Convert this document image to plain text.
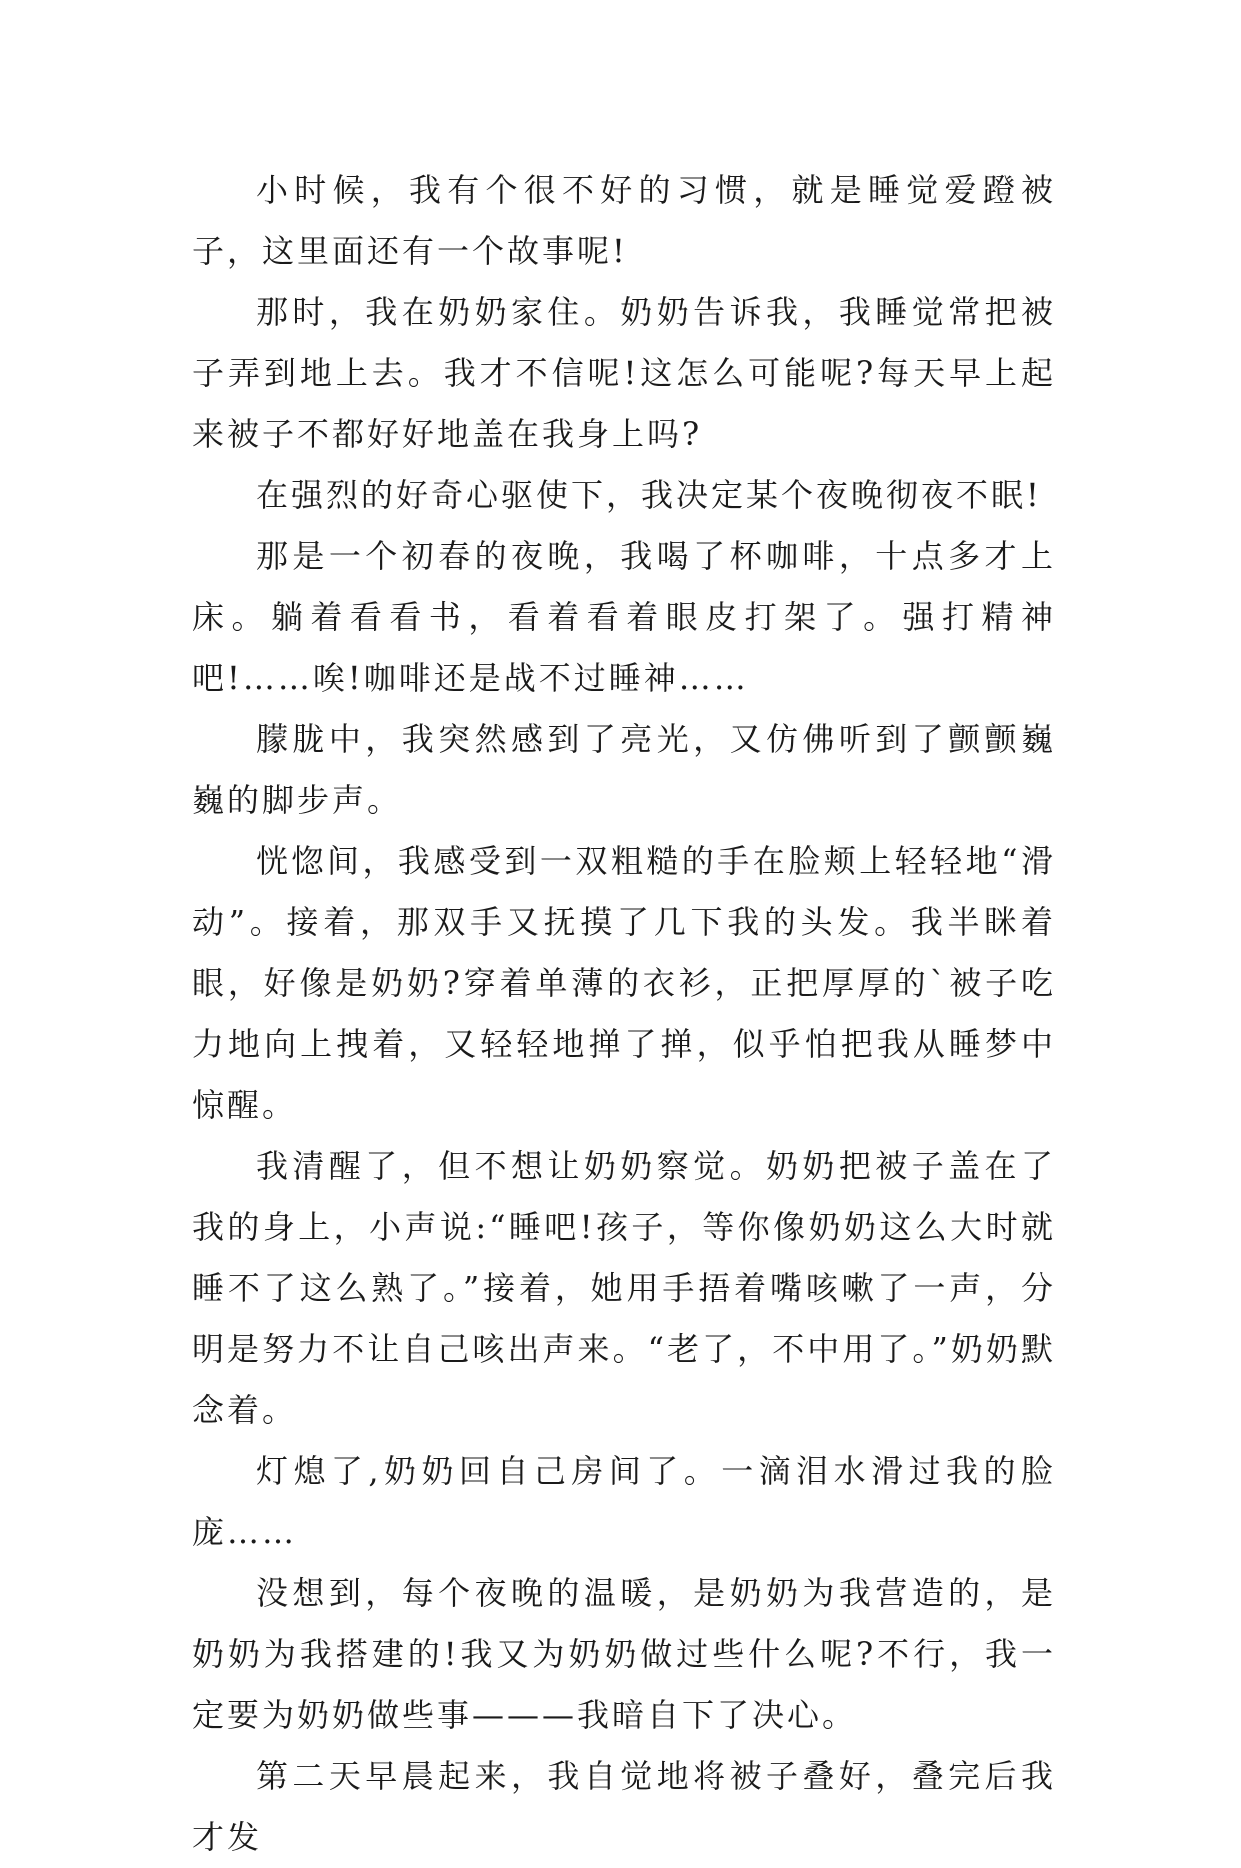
小时候，我有个很不好的习惯，就是睡觉爱蹬被子，这里面还有一个故事呢!

那时，我在奶奶家住。奶奶告诉我，我睡觉常把被子弄到地上去。我才不信呢!这怎么可能呢?每天早上起来被子不都好好地盖在我身上吗?

在强烈的好奇心驱使下，我决定某个夜晚彻夜不眠!

那是一个初春的夜晚，我喝了杯咖啡，十点多才上床。躺着看看书，看着看着眼皮打架了。强打精神吧!……唉!咖啡还是战不过睡神……

朦胧中，我突然感到了亮光，又仿佛听到了颤颤巍巍的脚步声。

恍惚间，我感受到一双粗糙的手在脸颊上轻轻地“滑动”。接着，那双手又抚摸了几下我的头发。我半眯着眼，好像是奶奶?穿着单薄的衣衫，正把厚厚的`被子吃力地向上拽着，又轻轻地掸了掸，似乎怕把我从睡梦中惊醒。

我清醒了，但不想让奶奶察觉。奶奶把被子盖在了我的身上，小声说:“睡吧!孩子，等你像奶奶这么大时就睡不了这么熟了。”接着，她用手捂着嘴咳嗽了一声，分明是努力不让自己咳出声来。“老了，不中用了。”奶奶默念着。

灯熄了,奶奶回自己房间了。一滴泪水滑过我的脸庞……

没想到，每个夜晚的温暖，是奶奶为我营造的，是奶奶为我搭建的!我又为奶奶做过些什么呢?不行，我一定要为奶奶做些事———我暗自下了决心。

第二天早晨起来，我自觉地将被子叠好，叠完后我才发
